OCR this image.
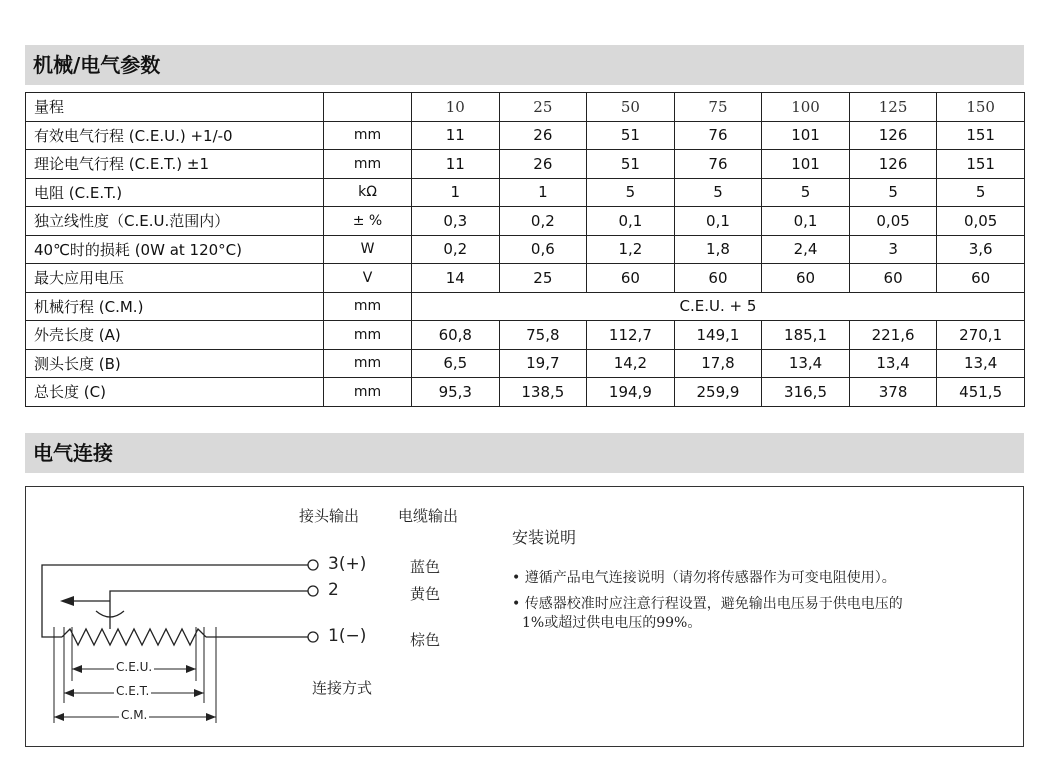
机械/电气参数
量程		10	25	50	75	100	125	150
有效电气行程 (C.E.U.) +1/-0	mm	11	26	51	76	101	126	151
理论电气行程 (C.E.T.) ±1	mm	11	26	51	76	101	126	151
电阻 (C.E.T.)	kΩ	1	1	5	5	5	5	5
独立线性度（C.E.U.范围内）	± %	0,3	0,2	0,1	0,1	0,1	0,05	0,05
40℃时的损耗 (0W at 120°C)	W	0,2	0,6	1,2	1,8	2,4	3	3,6
最大应用电压	V	14	25	60	60	60	60	60
机械行程 (C.M.)	mm	C.E.U. + 5						
外壳长度 (A)	mm	60,8	75,8	112,7	149,1	185,1	221,6	270,1
测头长度 (B)	mm	6,5	19,7	14,2	17,8	13,4	13,4	13,4
总长度 (C)	mm	95,3	138,5	194,9	259,9	316,5	378	451,5
电气连接
C.E.U.
C.E.T.
C.M.
接头输出	电缆输出
3(+)
2
1(−)
蓝色
黄色
棕色
连接方式
安装说明
• 遵循产品电气连接说明（请勿将传感器作为可变电阻使用）。
• 传感器校准时应注意行程设置，避免输出电压易于供电电压的
1%或超过供电电压的99%。
